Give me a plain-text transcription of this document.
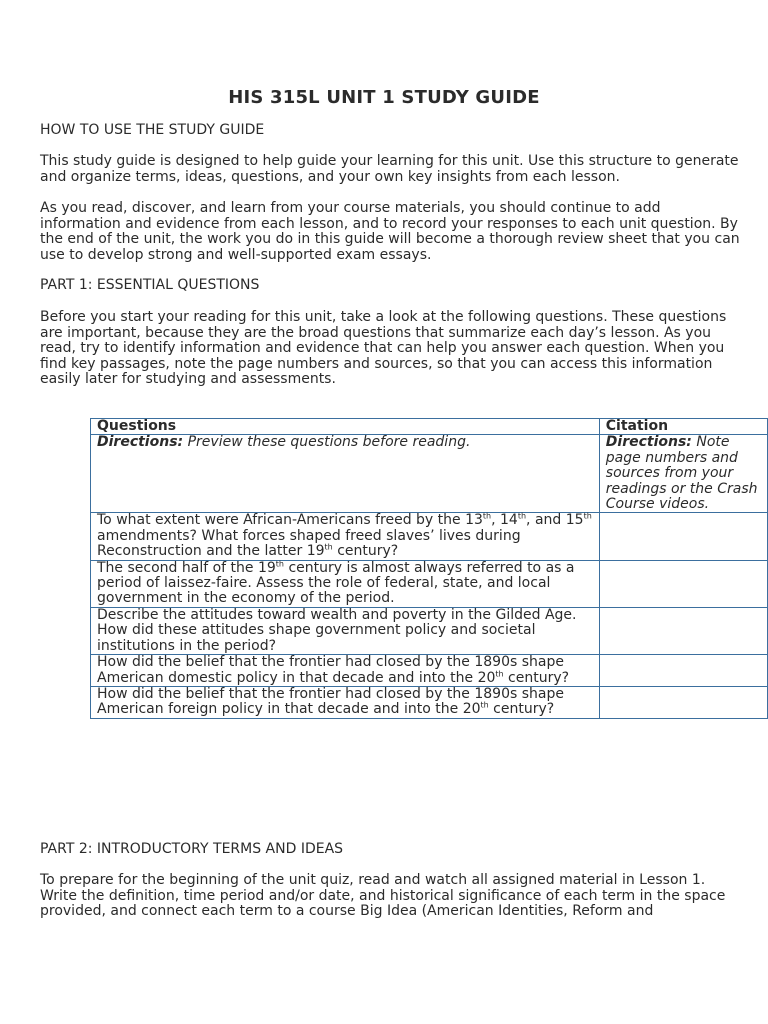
HIS 315L UNIT 1 STUDY GUIDE

HOW TO USE THE STUDY GUIDE

This study guide is designed to help guide your learning for this unit. Use this structure to generate and organize terms, ideas, questions, and your own key insights from each lesson.

As you read, discover, and learn from your course materials, you should continue to add information and evidence from each lesson, and to record your responses to each unit question. By the end of the unit, the work you do in this guide will become a thorough review sheet that you can use to develop strong and well-supported exam essays.

PART 1: ESSENTIAL QUESTIONS

Before you start your reading for this unit, take a look at the following questions. These questions are important, because they are the broad questions that summarize each day’s lesson. As you read, try to identify information and evidence that can help you answer each question. When you find key passages, note the page numbers and sources, so that you can access this information easily later for studying and assessments.

Questions	Citation
Directions: Preview these questions before reading.	Directions: Note page numbers and sources from your readings or the Crash Course videos.
To what extent were African-Americans freed by the 13th, 14th, and 15th amendments? What forces shaped freed slaves’ lives during Reconstruction and the latter 19th century?	
The second half of the 19th century is almost always referred to as a period of laissez-faire. Assess the role of federal, state, and local government in the economy of the period.	
Describe the attitudes toward wealth and poverty in the Gilded Age. How did these attitudes shape government policy and societal institutions in the period?	
How did the belief that the frontier had closed by the 1890s shape American domestic policy in that decade and into the 20th century?	
How did the belief that the frontier had closed by the 1890s shape American foreign policy in that decade and into the 20th century?	

PART 2: INTRODUCTORY TERMS AND IDEAS

To prepare for the beginning of the unit quiz, read and watch all assigned material in Lesson 1. Write the definition, time period and/or date, and historical significance of each term in the space provided, and connect each term to a course Big Idea (American Identities, Reform and
